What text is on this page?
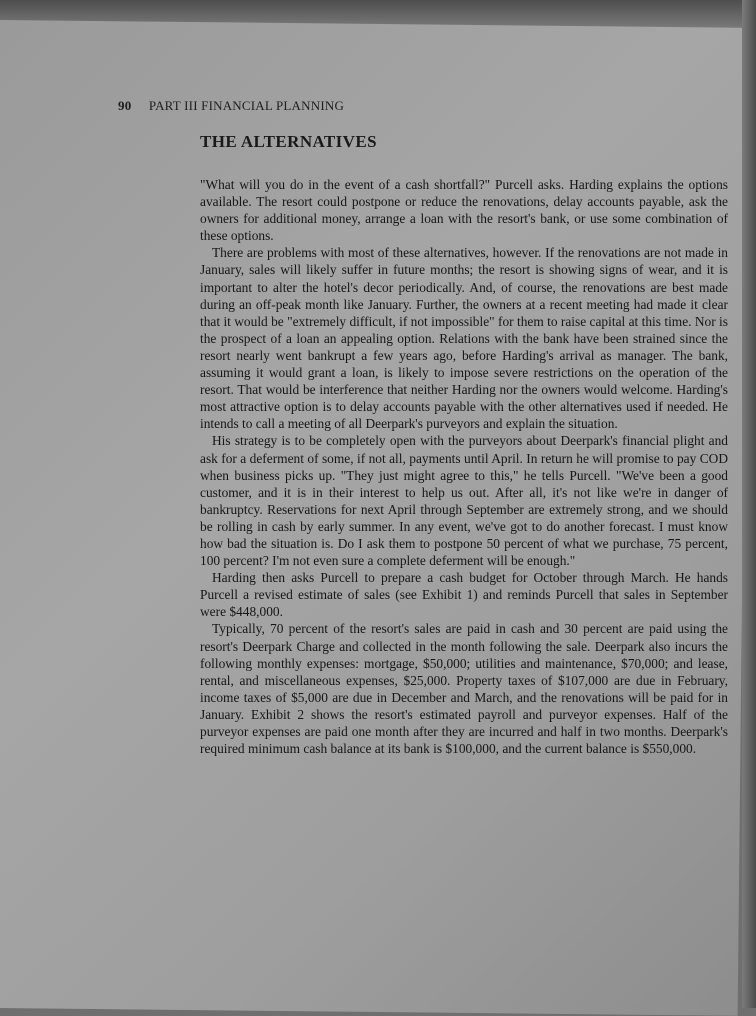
90 PART III FINANCIAL PLANNING
THE ALTERNATIVES

"What will you do in the event of a cash shortfall?" Purcell asks. Harding explains the options available. The resort could postpone or reduce the renovations, delay accounts payable, ask the owners for additional money, arrange a loan with the resort's bank, or use some combination of these options.

There are problems with most of these alternatives, however. If the renovations are not made in January, sales will likely suffer in future months; the resort is showing signs of wear, and it is important to alter the hotel's decor periodically. And, of course, the renovations are best made during an off-peak month like January. Further, the owners at a recent meeting had made it clear that it would be "extremely difficult, if not impossible" for them to raise capital at this time. Nor is the prospect of a loan an appealing option. Relations with the bank have been strained since the resort nearly went bankrupt a few years ago, before Harding's arrival as manager. The bank, assuming it would grant a loan, is likely to impose severe restrictions on the operation of the resort. That would be interference that neither Harding nor the owners would welcome. Harding's most attractive option is to delay accounts payable with the other alternatives used if needed. He intends to call a meeting of all Deerpark's purveyors and explain the situation.

His strategy is to be completely open with the purveyors about Deerpark's financial plight and ask for a deferment of some, if not all, payments until April. In return he will promise to pay COD when business picks up. "They just might agree to this," he tells Purcell. "We've been a good customer, and it is in their interest to help us out. After all, it's not like we're in danger of bankruptcy. Reservations for next April through September are extremely strong, and we should be rolling in cash by early summer. In any event, we've got to do another forecast. I must know how bad the situation is. Do I ask them to postpone 50 percent of what we purchase, 75 percent, 100 percent? I'm not even sure a complete deferment will be enough."

Harding then asks Purcell to prepare a cash budget for October through March. He hands Purcell a revised estimate of sales (see Exhibit 1) and reminds Purcell that sales in September were $448,000.

Typically, 70 percent of the resort's sales are paid in cash and 30 percent are paid using the resort's Deerpark Charge and collected in the month following the sale. Deerpark also incurs the following monthly expenses: mortgage, $50,000; utilities and maintenance, $70,000; and lease, rental, and miscellaneous expenses, $25,000. Property taxes of $107,000 are due in February, income taxes of $5,000 are due in December and March, and the renovations will be paid for in January. Exhibit 2 shows the resort's estimated payroll and purveyor expenses. Half of the purveyor expenses are paid one month after they are incurred and half in two months. Deerpark's required minimum cash balance at its bank is $100,000, and the current balance is $550,000.
